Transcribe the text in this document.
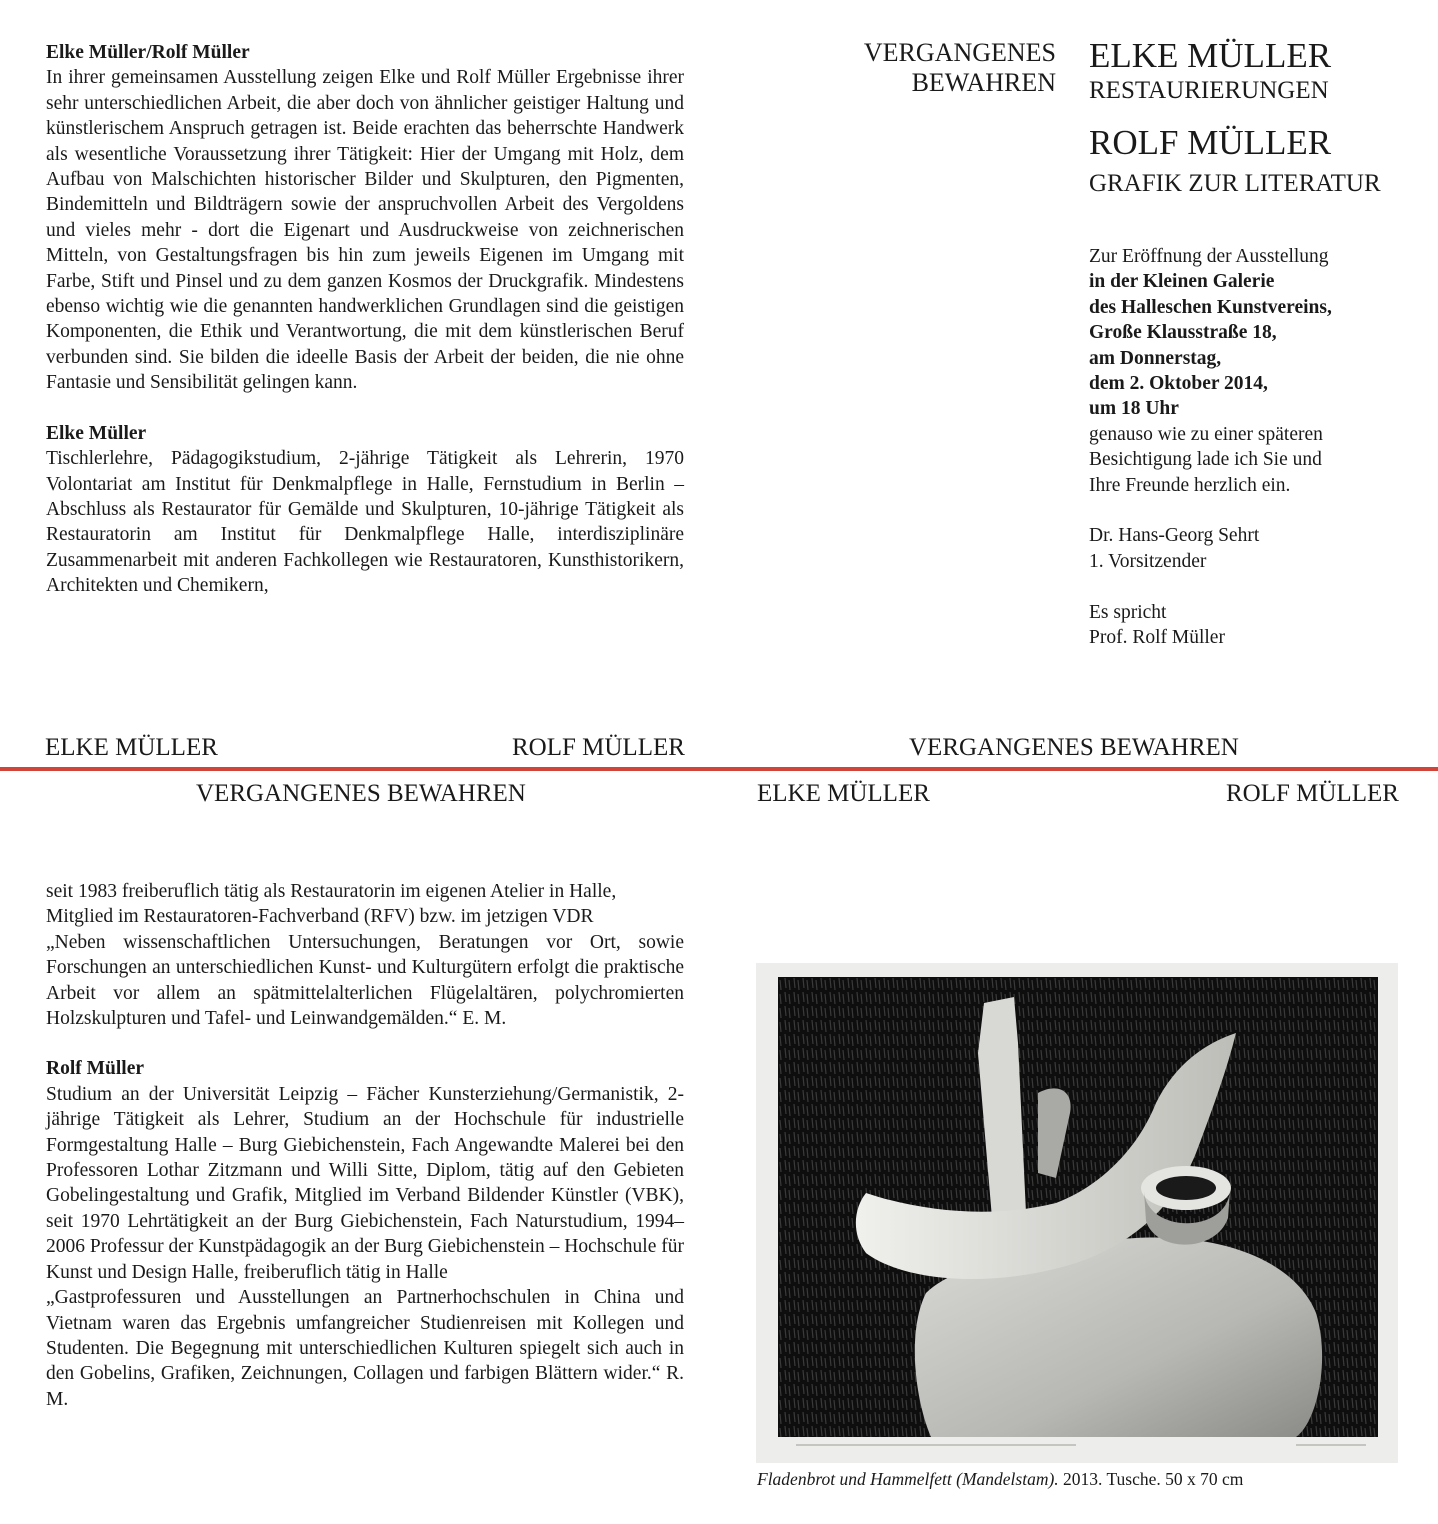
Elke Müller/Rolf Müller

In ihrer gemeinsamen Ausstellung zeigen Elke und Rolf Müller Ergebnisse ihrer sehr unterschiedlichen Arbeit, die aber doch von ähnlicher geistiger Haltung und künstlerischem Anspruch getragen ist. Beide erachten das beherrschte Handwerk als wesentliche Voraussetzung ihrer Tätigkeit: Hier der Umgang mit Holz, dem Aufbau von Malschichten historischer Bilder und Skulpturen, den Pigmenten, Bindemitteln und Bildträgern sowie der anspruchvollen Arbeit des Vergoldens und vieles mehr - dort die Eigenart und Ausdruckweise von zeichnerischen Mitteln, von Gestaltungsfragen bis hin zum jeweils Eigenen im Umgang mit Farbe, Stift und Pinsel und zu dem ganzen Kosmos der Druckgrafik. Mindestens ebenso wichtig wie die genannten handwerklichen Grundlagen sind die geistigen Komponenten, die Ethik und Verantwortung, die mit dem künstlerischen Beruf verbunden sind. Sie bilden die ideelle Basis der Arbeit der beiden, die nie ohne Fantasie und Sensibilität gelingen kann.

Elke Müller

Tischlerlehre, Pädagogikstudium, 2-jährige Tätigkeit als Lehrerin, 1970 Volontariat am Institut für Denkmalpflege in Halle, Fernstudium in Berlin – Abschluss als Restaurator für Gemälde und Skulpturen, 10-jährige Tätigkeit als Restauratorin am Institut für Denkmalpflege Halle, interdisziplinäre Zusammenarbeit mit anderen Fachkollegen wie Restauratoren, Kunsthistorikern, Architekten und Chemikern,

VERGANGENES
BEWAHREN
ELKE MÜLLER
RESTAURIERUNGEN
ROLF MÜLLER
GRAFIK ZUR LITERATUR
Zur Eröffnung der Ausstellung
in der Kleinen Galerie
des Halleschen Kunstvereins,
Große Klausstraße 18,
am Donnerstag,
dem 2. Oktober 2014,
um 18 Uhr
genauso wie zu einer späteren
Besichtigung lade ich Sie und
Ihre Freunde herzlich ein.
Dr. Hans-Georg Sehrt
1. Vorsitzender
Es spricht
Prof. Rolf Müller
ELKE MÜLLER	ROLF MÜLLER	VERGANGENES BEWAHREN
VERGANGENES BEWAHREN	ELKE MÜLLER	ROLF MÜLLER

seit 1983 freiberuflich tätig als Restauratorin im eigenen Atelier in Halle, Mitglied im Restauratoren-Fachverband (RFV) bzw. im jetzigen VDR

„Neben wissenschaftlichen Untersuchungen, Beratungen vor Ort, sowie Forschungen an unterschiedlichen Kunst- und Kulturgütern erfolgt die praktische Arbeit vor allem an spätmittelalterlichen Flügelaltären, polychromierten Holzskulpturen und Tafel- und Leinwandgemälden.“ E. M.

Rolf Müller

Studium an der Universität Leipzig – Fächer Kunsterziehung/Germanistik, 2-jährige Tätigkeit als Lehrer, Studium an der Hochschule für industrielle Formgestaltung Halle – Burg Giebichenstein, Fach Angewandte Malerei bei den Professoren Lothar Zitzmann und Willi Sitte, Diplom, tätig auf den Gebieten Gobelingestaltung und Grafik, Mitglied im Verband Bildender Künstler (VBK), seit 1970 Lehrtätigkeit an der Burg Giebichenstein, Fach Naturstudium, 1994–2006 Professur der Kunstpädagogik an der Burg Giebichenstein – Hochschule für Kunst und Design Halle, freiberuflich tätig in Halle

„Gastprofessuren und Ausstellungen an Partnerhochschulen in China und Vietnam waren das Ergebnis umfangreicher Studienreisen mit Kollegen und Studenten. Die Begegnung mit unterschiedlichen Kulturen spiegelt sich auch in den Gobelins, Grafiken, Zeichnungen, Collagen und farbigen Blättern wider.“ R. M.

Fladenbrot und Hammelfett (Mandelstam). 2013. Tusche. 50 x 70 cm
